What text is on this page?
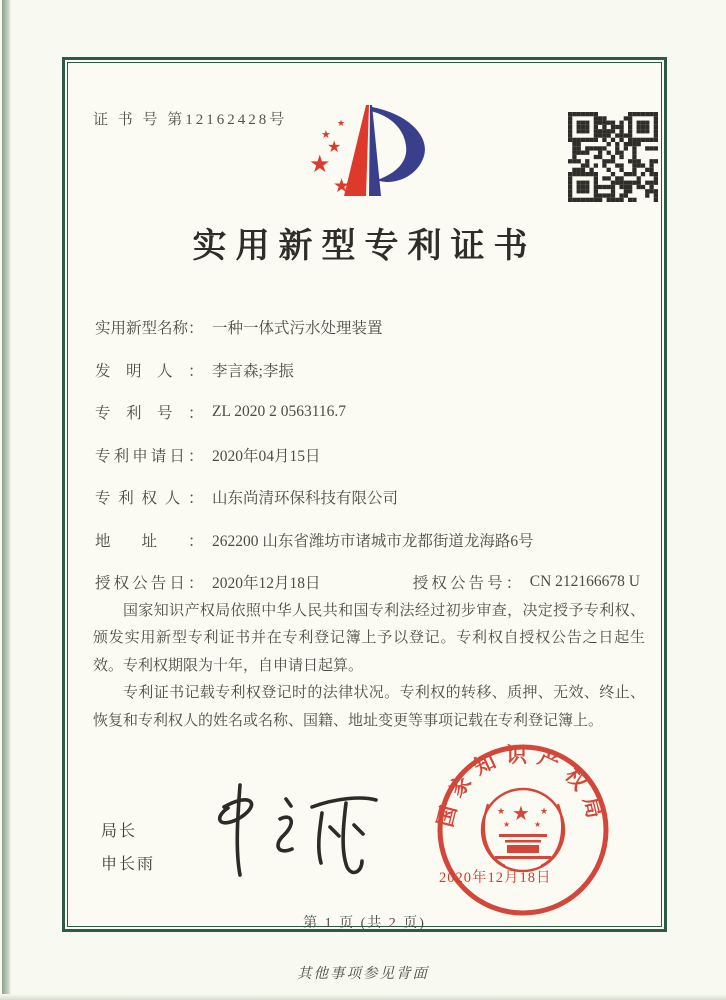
证 书 号 第12162428号
★
★
★
★
★
实用新型专利证书
实用新型名称： 一种一体式污水处理装置
发明人： 李言森;李振
专利号： ZL 2020 2 0563116.7
专利申请日： 2020年04月15日
专利权人： 山东尚清环保科技有限公司
地址： 262200 山东省潍坊市诸城市龙都街道龙海路6号
授权公告日： 2020年12月18日	授权公告号： CN 212166678 U

国家知识产权局依照中华人民共和国专利法经过初步审查，决定授予专利权、颁发实用新型专利证书并在专利登记簿上予以登记。专利权自授权公告之日起生效。专利权期限为十年，自申请日起算。

专利证书记载专利权登记时的法律状况。专利权的转移、质押、无效、终止、恢复和专利权人的姓名或名称、国籍、地址变更等事项记载在专利登记簿上。

局长
申长雨
★
★	★
★	★
国家知识产权局
2020年12月18日
第 1 页 (共 2 页)
其他事项参见背面
